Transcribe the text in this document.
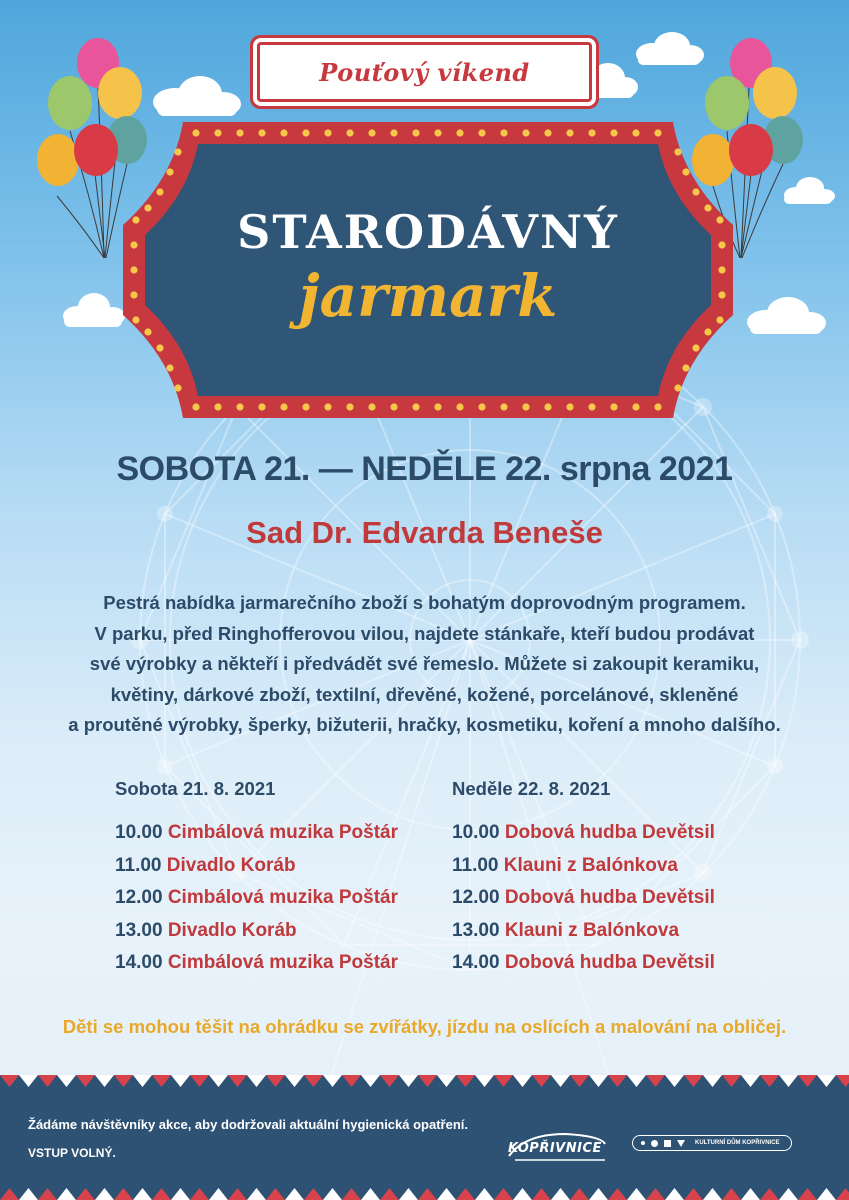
Pouťový víkend
STARODÁVNÝ
jarmark
SOBOTA 21. — NEDĚLE 22. srpna 2021
Sad Dr. Edvarda Beneše
Pestrá nabídka jarmarečního zboží s bohatým doprovodným programem.
V parku, před Ringhofferovou vilou, najdete stánkaře, kteří budou prodávat
své výrobky a někteří i předvádět své řemeslo. Můžete si zakoupit keramiku,
květiny, dárkové zboží, textilní, dřevěné, kožené, porcelánové, skleněné
a proutěné výrobky, šperky, bižuterii, hračky, kosmetiku, koření a mnoho dalšího.
Sobota 21. 8. 2021
10.00 Cimbálová muzika Poštár
11.00 Divadlo Koráb
12.00 Cimbálová muzika Poštár
13.00 Divadlo Koráb
14.00 Cimbálová muzika Poštár
Neděle 22. 8. 2021
10.00 Dobová hudba Devětsil
11.00 Klauni z Balónkova
12.00 Dobová hudba Devětsil
13.00 Klauni z Balónkova
14.00 Dobová hudba Devětsil
Děti se mohou těšit na ohrádku se zvířátky, jízdu na oslících a malování na obličej.
Žádáme návštěvníky akce, aby dodržovali aktuální hygienická opatření.
VSTUP VOLNÝ.	KOPŘIVNICE	KULTURNÍ DŮM KOPŘIVNICE
